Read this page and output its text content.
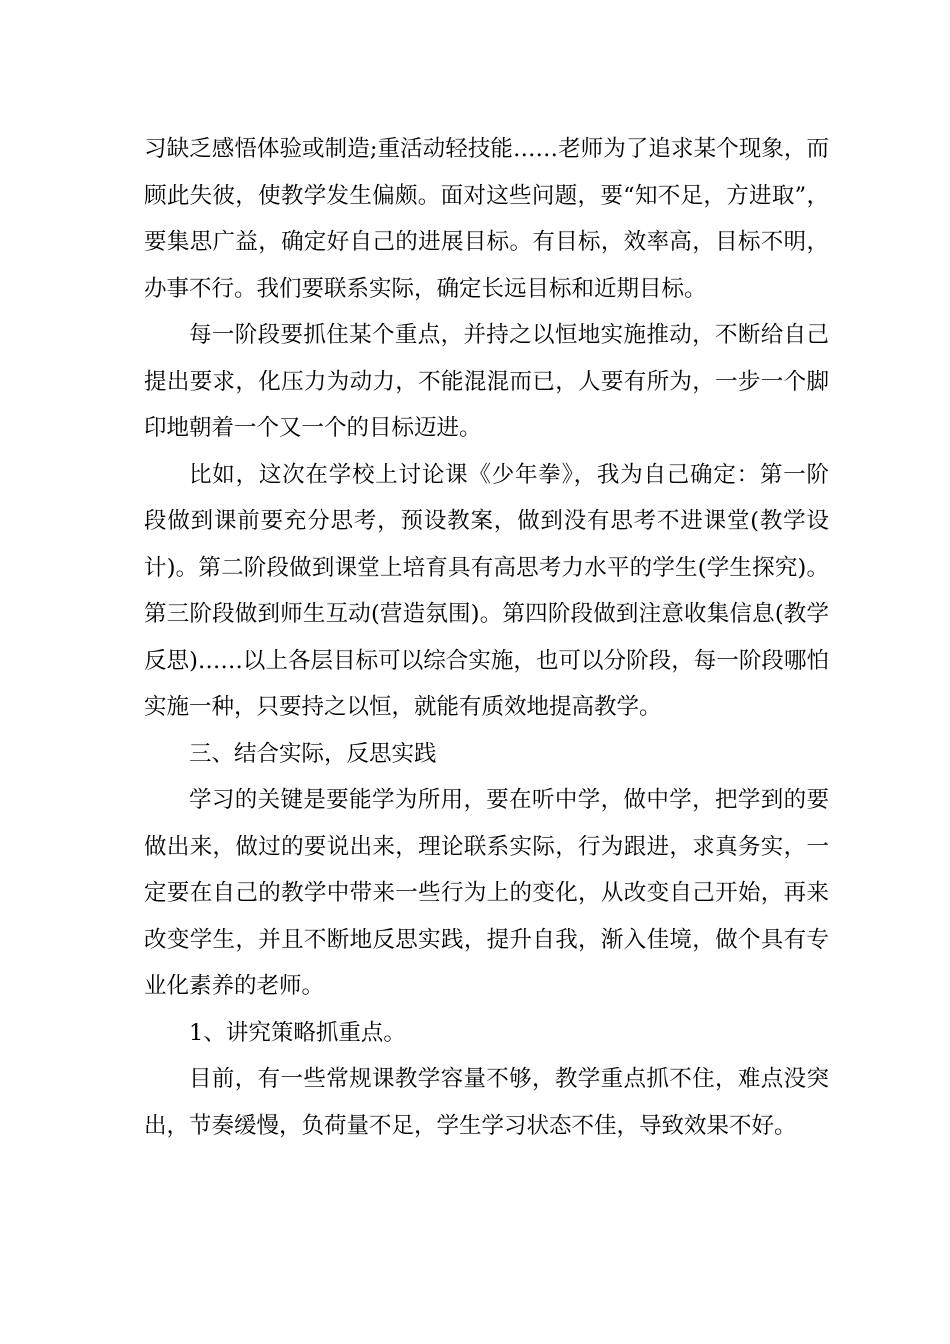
习缺乏感悟体验或制造;重活动轻技能……老师为了追求某个现象，而顾此失彼，使教学发生偏颇。面对这些问题，要“知不足，方进取”，要集思广益，确定好自己的进展目标。有目标，效率高，目标不明，办事不行。我们要联系实际，确定长远目标和近期目标。

每一阶段要抓住某个重点，并持之以恒地实施推动，不断给自己提出要求，化压力为动力，不能混混而已，人要有所为，一步一个脚印地朝着一个又一个的目标迈进。

比如，这次在学校上讨论课《少年拳》，我为自己确定：第一阶段做到课前要充分思考，预设教案，做到没有思考不进课堂(教学设计)。第二阶段做到课堂上培育具有高思考力水平的学生(学生探究)。第三阶段做到师生互动(营造氛围)。第四阶段做到注意收集信息(教学反思)……以上各层目标可以综合实施，也可以分阶段，每一阶段哪怕实施一种，只要持之以恒，就能有质效地提高教学。

三、结合实际，反思实践

学习的关键是要能学为所用，要在听中学，做中学，把学到的要做出来，做过的要说出来，理论联系实际，行为跟进，求真务实，一定要在自己的教学中带来一些行为上的变化，从改变自己开始，再来改变学生，并且不断地反思实践，提升自我，渐入佳境，做个具有专业化素养的老师。

1、讲究策略抓重点。

目前，有一些常规课教学容量不够，教学重点抓不住，难点没突出，节奏缓慢，负荷量不足，学生学习状态不佳，导致效果不好。
